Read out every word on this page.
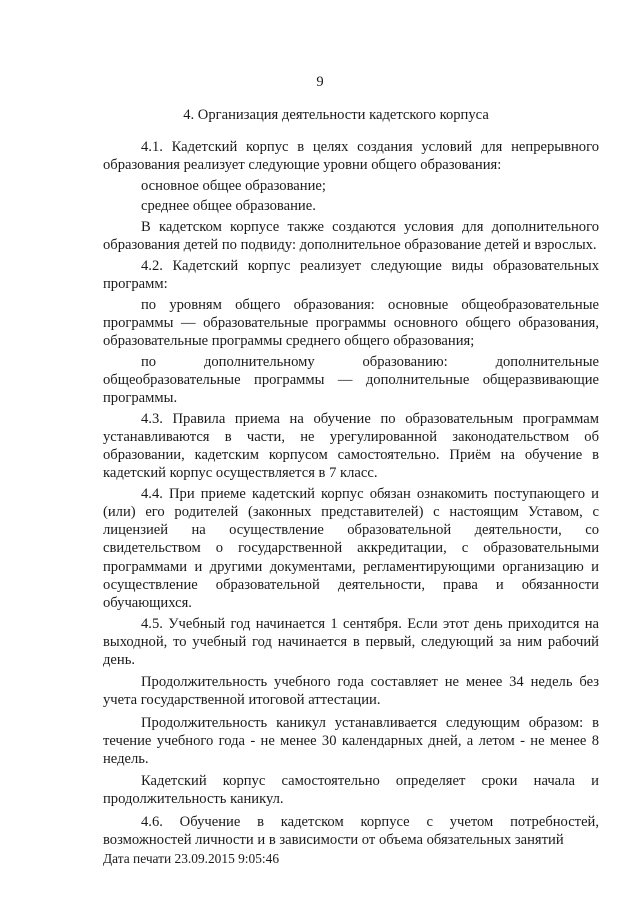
9
4. Организация деятельности кадетского корпуса

4.1. Кадетский корпус в целях создания условий для непрерывного образования реализует следующие уровни общего образования:

основное общее образование;

среднее общее образование.

В кадетском корпусе также создаются условия для дополнительного образования детей по подвиду: дополнительное образование детей и взрослых.

4.2. Кадетский корпус реализует следующие виды образовательных программ:

по уровням общего образования: основные общеобразовательные программы — образовательные программы основного общего образования, образовательные программы среднего общего образования;

по дополнительному образованию: дополнительные общеобразовательные программы — дополнительные общеразвивающие программы.

4.3. Правила приема на обучение по образовательным программам устанавливаются в части, не урегулированной законодательством об образовании, кадетским корпусом самостоятельно. Приём на обучение в кадетский корпус осуществляется в 7 класс.

4.4. При приеме кадетский корпус обязан ознакомить поступающего и (или) его родителей (законных представителей) с настоящим Уставом, с лицензией на осуществление образовательной деятельности, со свидетельством о государственной аккредитации, с образовательными программами и другими документами, регламентирующими организацию и осуществление образовательной деятельности, права и обязанности обучающихся.

4.5. Учебный год начинается 1 сентября. Если этот день приходится на выходной, то учебный год начинается в первый, следующий за ним рабочий день.

Продолжительность учебного года составляет не менее 34 недель без учета государственной итоговой аттестации.

Продолжительность каникул устанавливается следующим образом: в течение учебного года - не менее 30 календарных дней, а летом - не менее 8 недель.

Кадетский корпус самостоятельно определяет сроки начала и продолжительность каникул.

4.6. Обучение в кадетском корпусе с учетом потребностей, возможностей личности и в зависимости от объема обязательных занятий

Дата печати 23.09.2015 9:05:46
